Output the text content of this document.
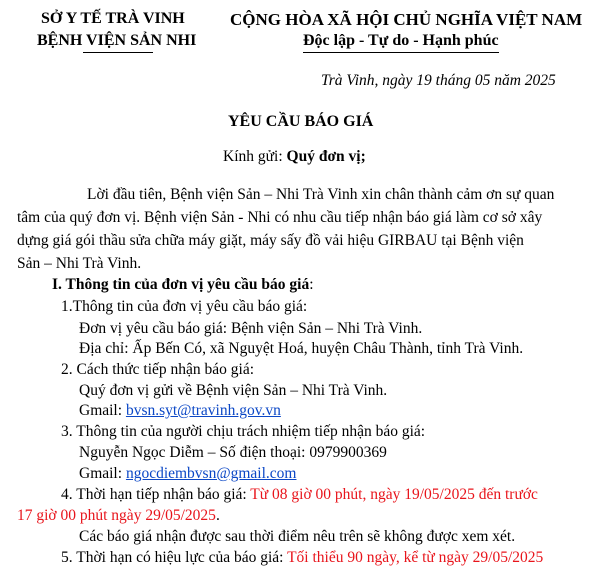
SỞ Y TẾ TRÀ VINH
BỆNH VIỆN SẢN NHI
CỘNG HÒA XÃ HỘI CHỦ NGHĨA VIỆT NAM
Độc lập - Tự do - Hạnh phúc
Trà Vinh, ngày 19 tháng 05 năm 2025
YÊU CẦU BÁO GIÁ
Kính gửi: Quý đơn vị;
Lời đầu tiên, Bệnh viện Sản – Nhi Trà Vinh xin chân thành cảm ơn sự quan
tâm của quý đơn vị. Bệnh viện Sản - Nhi có nhu cầu tiếp nhận báo giá làm cơ sở xây
dựng giá gói thầu sửa chữa máy giặt, máy sấy đồ vải hiệu GIRBAU tại Bệnh viện
Sản – Nhi Trà Vinh.
I. Thông tin của đơn vị yêu cầu báo giá:
1.Thông tin của đơn vị yêu cầu báo giá:
Đơn vị yêu cầu báo giá: Bệnh viện Sản – Nhi Trà Vinh.
Địa chỉ: Ấp Bến Có, xã Nguyệt Hoá, huyện Châu Thành, tỉnh Trà Vinh.
2. Cách thức tiếp nhận báo giá:
Quý đơn vị gửi về Bệnh viện Sản – Nhi Trà Vinh.
Gmail: bvsn.syt@travinh.gov.vn
3. Thông tin của người chịu trách nhiệm tiếp nhận báo giá:
Nguyễn Ngọc Diễm – Số điện thoại: 0979900369
Gmail: ngocdiembvsn@gmail.com
4. Thời hạn tiếp nhận báo giá: Từ 08 giờ 00 phút, ngày 19/05/2025 đến trước
17 giờ 00 phút ngày 29/05/2025.
Các báo giá nhận được sau thời điểm nêu trên sẽ không được xem xét.
5. Thời hạn có hiệu lực của báo giá: Tối thiểu 90 ngày, kể từ ngày 29/05/2025
